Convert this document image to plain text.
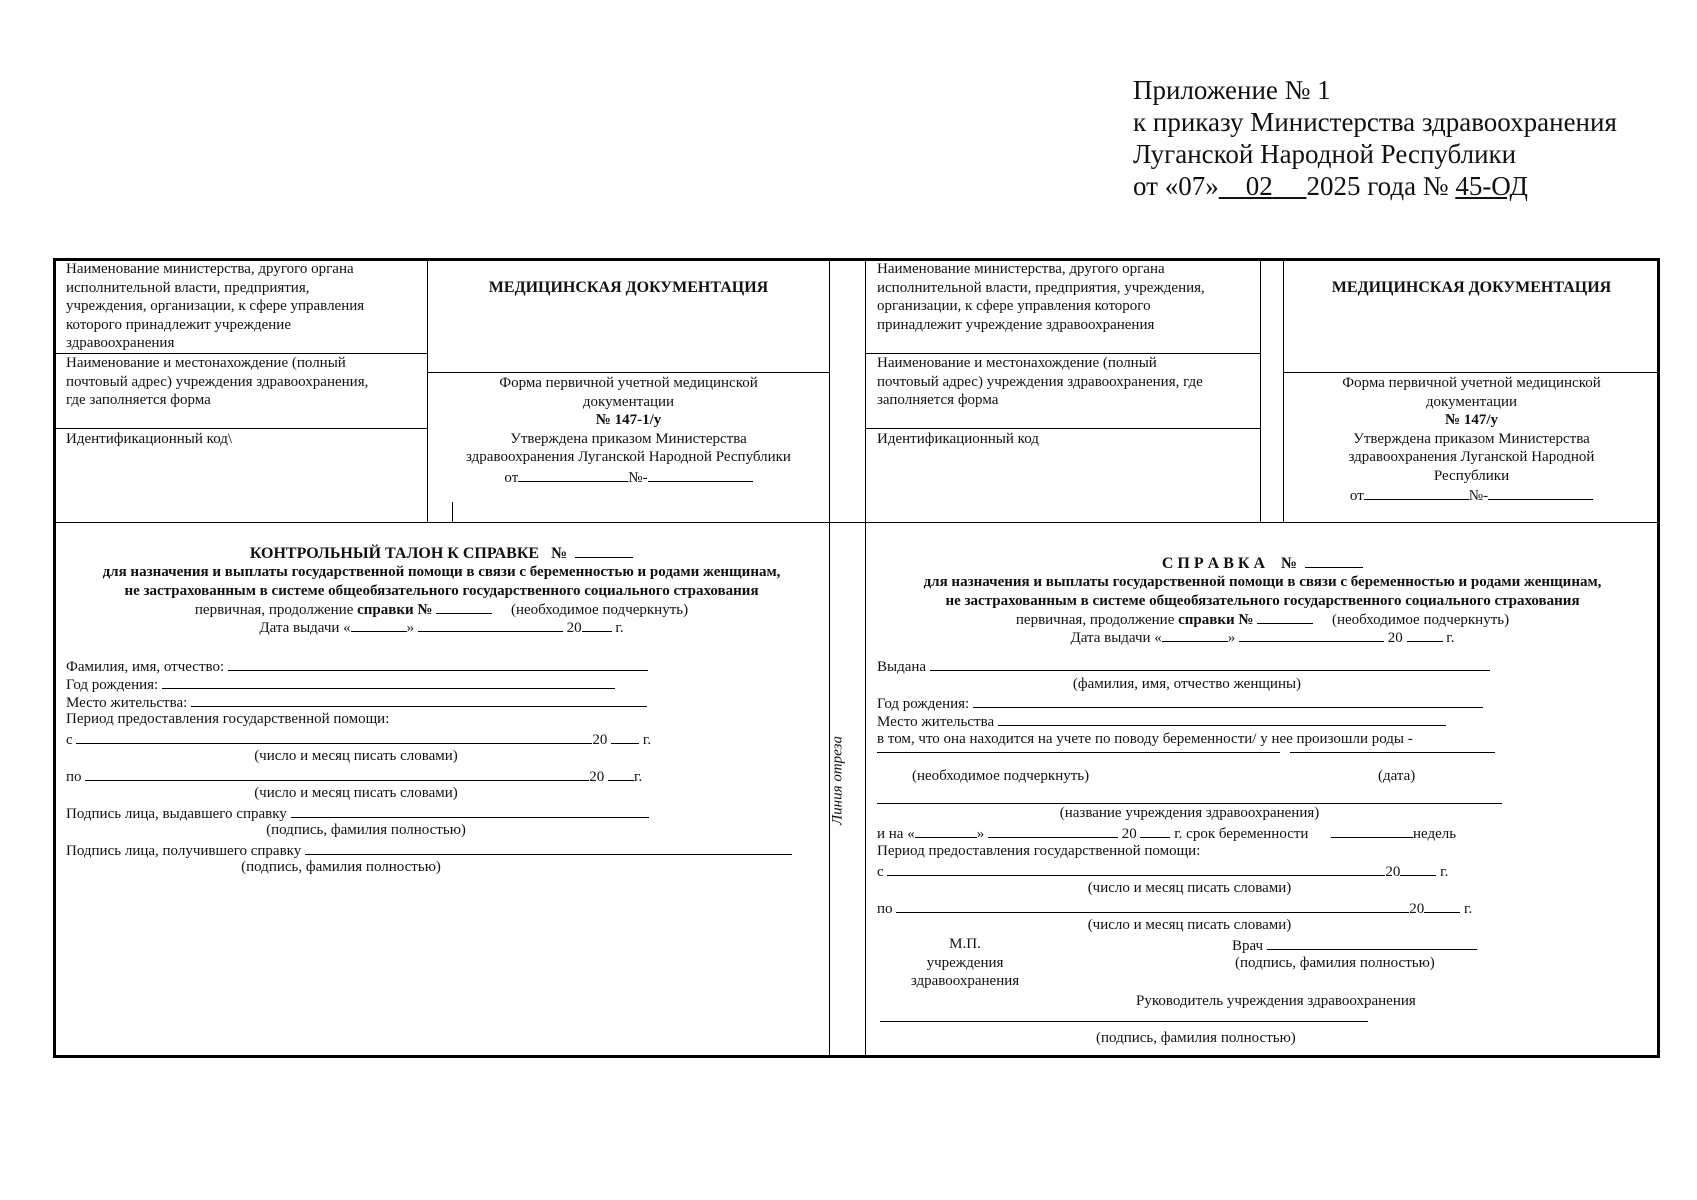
Приложение № 1
к приказу Министерства здравоохранения
Луганской Народной Республики
от «07» 02 2025 года № 45-ОД
Наименование министерства, другого органа
исполнительной власти, предприятия,
учреждения, организации, к сфере управления
которого принадлежит учреждение
здравоохранения
Наименование и местонахождение (полный
почтовый адрес) учреждения здравоохранения,
где заполняется форма
Идентификационный код\
МЕДИЦИНСКАЯ ДОКУМЕНТАЦИЯ
Форма первичной учетной медицинской
документации
№ 147-1/у
Утверждена приказом Министерства
здравоохранения Луганской Народной Республики
от	№-
Наименование министерства, другого органа
исполнительной власти, предприятия, учреждения,
организации, к сфере управления которого
принадлежит учреждение здравоохранения
Наименование и местонахождение (полный
почтовый адрес) учреждения здравоохранения, где
заполняется форма
Идентификационный код
МЕДИЦИНСКАЯ ДОКУМЕНТАЦИЯ
Форма первичной учетной медицинской
документации
№ 147/у
Утверждена приказом Министерства
здравоохранения Луганской Народной
Республики
от	№-
КОНТРОЛЬНЫЙ ТАЛОН К СПРАВКЕ №
для назначения и выплаты государственной помощи в связи с беременностью и родами женщинам,
не застрахованным в системе общеобязательного государственного социального страхования
первичная, продолжение справки №	(необходимое подчеркнуть)
Дата выдачи «	»	20 г.
Фамилия, имя, отчество:
Год рождения:
Место жительства:
Период предоставления государственной помощи:
с	20 г.
(число и месяц писать словами)
по	20 г.
(число и месяц писать словами)
Подпись лица, выдавшего справку
(подпись, фамилия полностью)
Подпись лица, получившего справку
(подпись, фамилия полностью)
Линия отреза
С П Р А В К А №
для назначения и выплаты государственной помощи в связи с беременностью и родами женщинам,
не застрахованным в системе общеобязательного государственного социального страхования
первичная, продолжение справки №	(необходимое подчеркнуть)
Дата выдачи «	»	20	г.
Выдана
(фамилия, имя, отчество женщины)
Год рождения:
Место жительства
в том, что она находится на учете по поводу беременности/ у нее произошли роды -
(необходимое подчеркнуть)	(дата)
(название учреждения здравоохранения)
и на «	»	20	г. срок беременности	недель
Период предоставления государственной помощи:
с	20	г.
(число и месяц писать словами)
по	20	г.
(число и месяц писать словами)
М.П.
учреждения
здравоохранения
Врач
(подпись, фамилия полностью)
Руководитель учреждения здравоохранения
(подпись, фамилия полностью)
